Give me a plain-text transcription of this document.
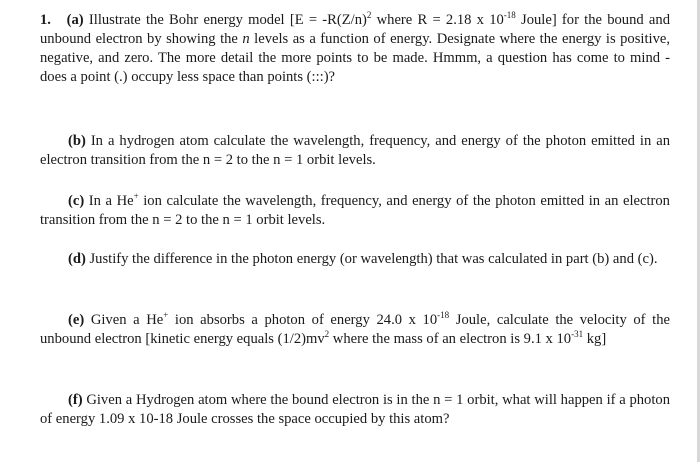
1. (a) Illustrate the Bohr energy model [$E = -R(Z/n)^2$ where R = 2.18 x $10^{-18}$ Joule] for the bound and unbound electron by showing the n levels as a function of energy. Designate where the energy is positive, negative, and zero. The more detail the more points to be made. Hmmm, a question has come to mind - does a point (.) occupy less space than points (:::)?
(b) In a hydrogen atom calculate the wavelength, frequency, and energy of the photon emitted in an electron transition from the n = 2 to the n = 1 orbit levels.
(c) In a He+ ion calculate the wavelength, frequency, and energy of the photon emitted in an electron transition from the n = 2 to the n = 1 orbit levels.
(d) Justify the difference in the photon energy (or wavelength) that was calculated in part (b) and (c).
(e) Given a He+ ion absorbs a photon of energy 24.0 x $10^{-18}$ Joule, calculate the velocity of the unbound electron [kinetic energy equals $(1/2)mv^2$ where the mass of an electron is 9.1 x $10^{-31}$ kg]
(f) Given a Hydrogen atom where the bound electron is in the n = 1 orbit, what will happen if a photon of energy 1.09 x 10-18 Joule crosses the space occupied by this atom?
